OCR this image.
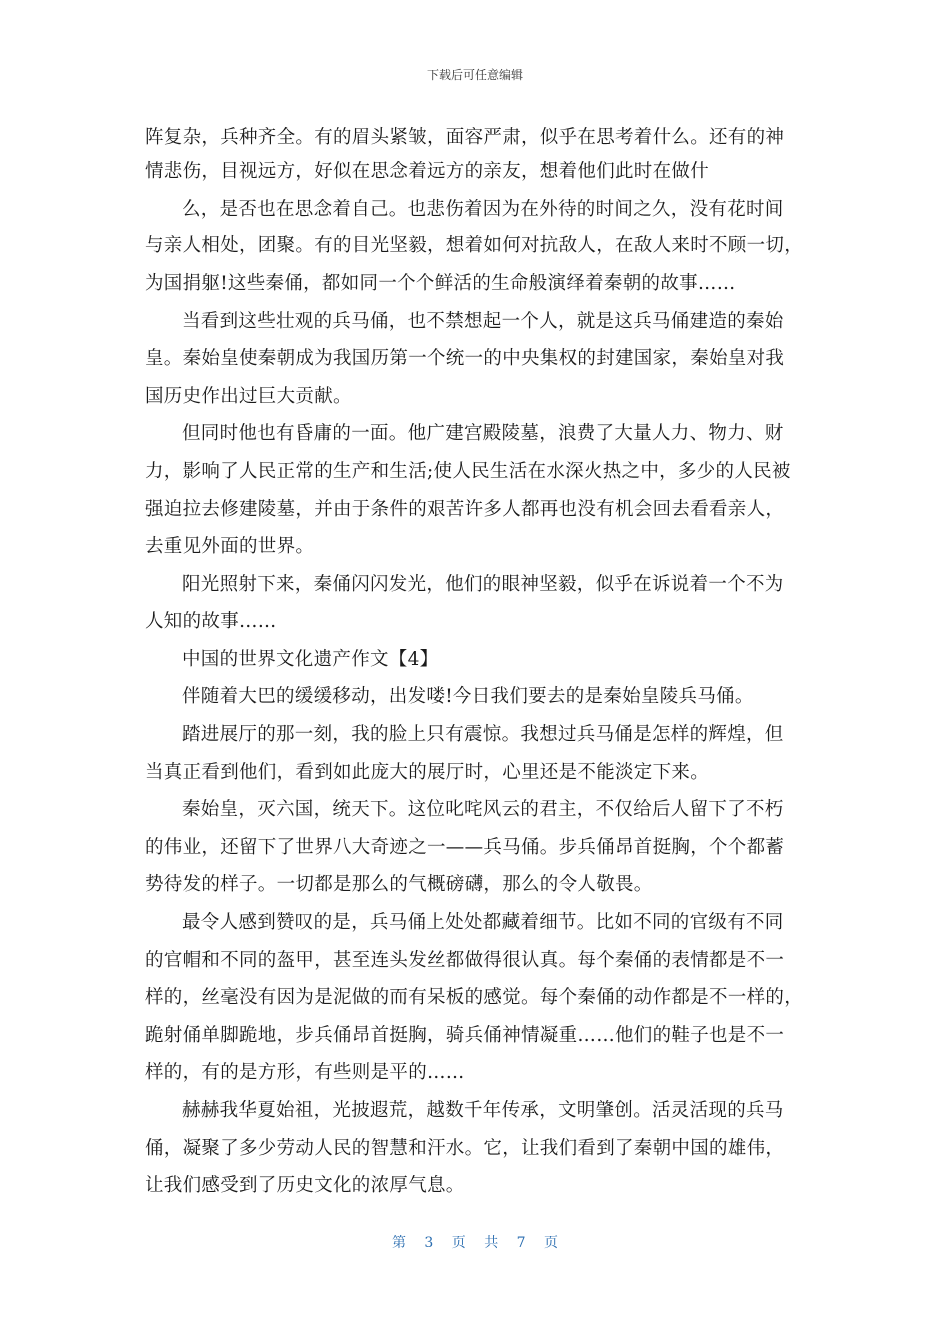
下载后可任意编辑
阵复杂，兵种齐全。有的眉头紧皱，面容严肃，似乎在思考着什么。还有的神
情悲伤，目视远方，好似在思念着远方的亲友，想着他们此时在做什
么，是否也在思念着自己。也悲伤着因为在外待的时间之久，没有花时间
与亲人相处，团聚。有的目光坚毅，想着如何对抗敌人，在敌人来时不顾一切，
为国捐躯!这些秦俑，都如同一个个鲜活的生命般演绎着秦朝的故事……
当看到这些壮观的兵马俑，也不禁想起一个人，就是这兵马俑建造的秦始
皇。秦始皇使秦朝成为我国历第一个统一的中央集权的封建国家，秦始皇对我
国历史作出过巨大贡献。
但同时他也有昏庸的一面。他广建宫殿陵墓，浪费了大量人力、物力、财
力，影响了人民正常的生产和生活;使人民生活在水深火热之中，多少的人民被
强迫拉去修建陵墓，并由于条件的艰苦许多人都再也没有机会回去看看亲人，
去重见外面的世界。
阳光照射下来，秦俑闪闪发光，他们的眼神坚毅，似乎在诉说着一个不为
人知的故事……
中国的世界文化遗产作文【4】
伴随着大巴的缓缓移动，出发喽!今日我们要去的是秦始皇陵兵马俑。
踏进展厅的那一刻，我的脸上只有震惊。我想过兵马俑是怎样的辉煌，但
当真正看到他们，看到如此庞大的展厅时，心里还是不能淡定下来。
秦始皇，灭六国，统天下。这位叱咤风云的君主，不仅给后人留下了不朽
的伟业，还留下了世界八大奇迹之一——兵马俑。步兵俑昂首挺胸，个个都蓄
势待发的样子。一切都是那么的气概磅礴，那么的令人敬畏。
最令人感到赞叹的是，兵马俑上处处都藏着细节。比如不同的官级有不同
的官帽和不同的盔甲，甚至连头发丝都做得很认真。每个秦俑的表情都是不一
样的，丝毫没有因为是泥做的而有呆板的感觉。每个秦俑的动作都是不一样的，
跪射俑单脚跪地，步兵俑昂首挺胸，骑兵俑神情凝重……他们的鞋子也是不一
样的，有的是方形，有些则是平的……
赫赫我华夏始祖，光披遐荒，越数千年传承，文明肇创。活灵活现的兵马
俑，凝聚了多少劳动人民的智慧和汗水。它，让我们看到了秦朝中国的雄伟，
让我们感受到了历史文化的浓厚气息。
第 3 页 共 7 页
